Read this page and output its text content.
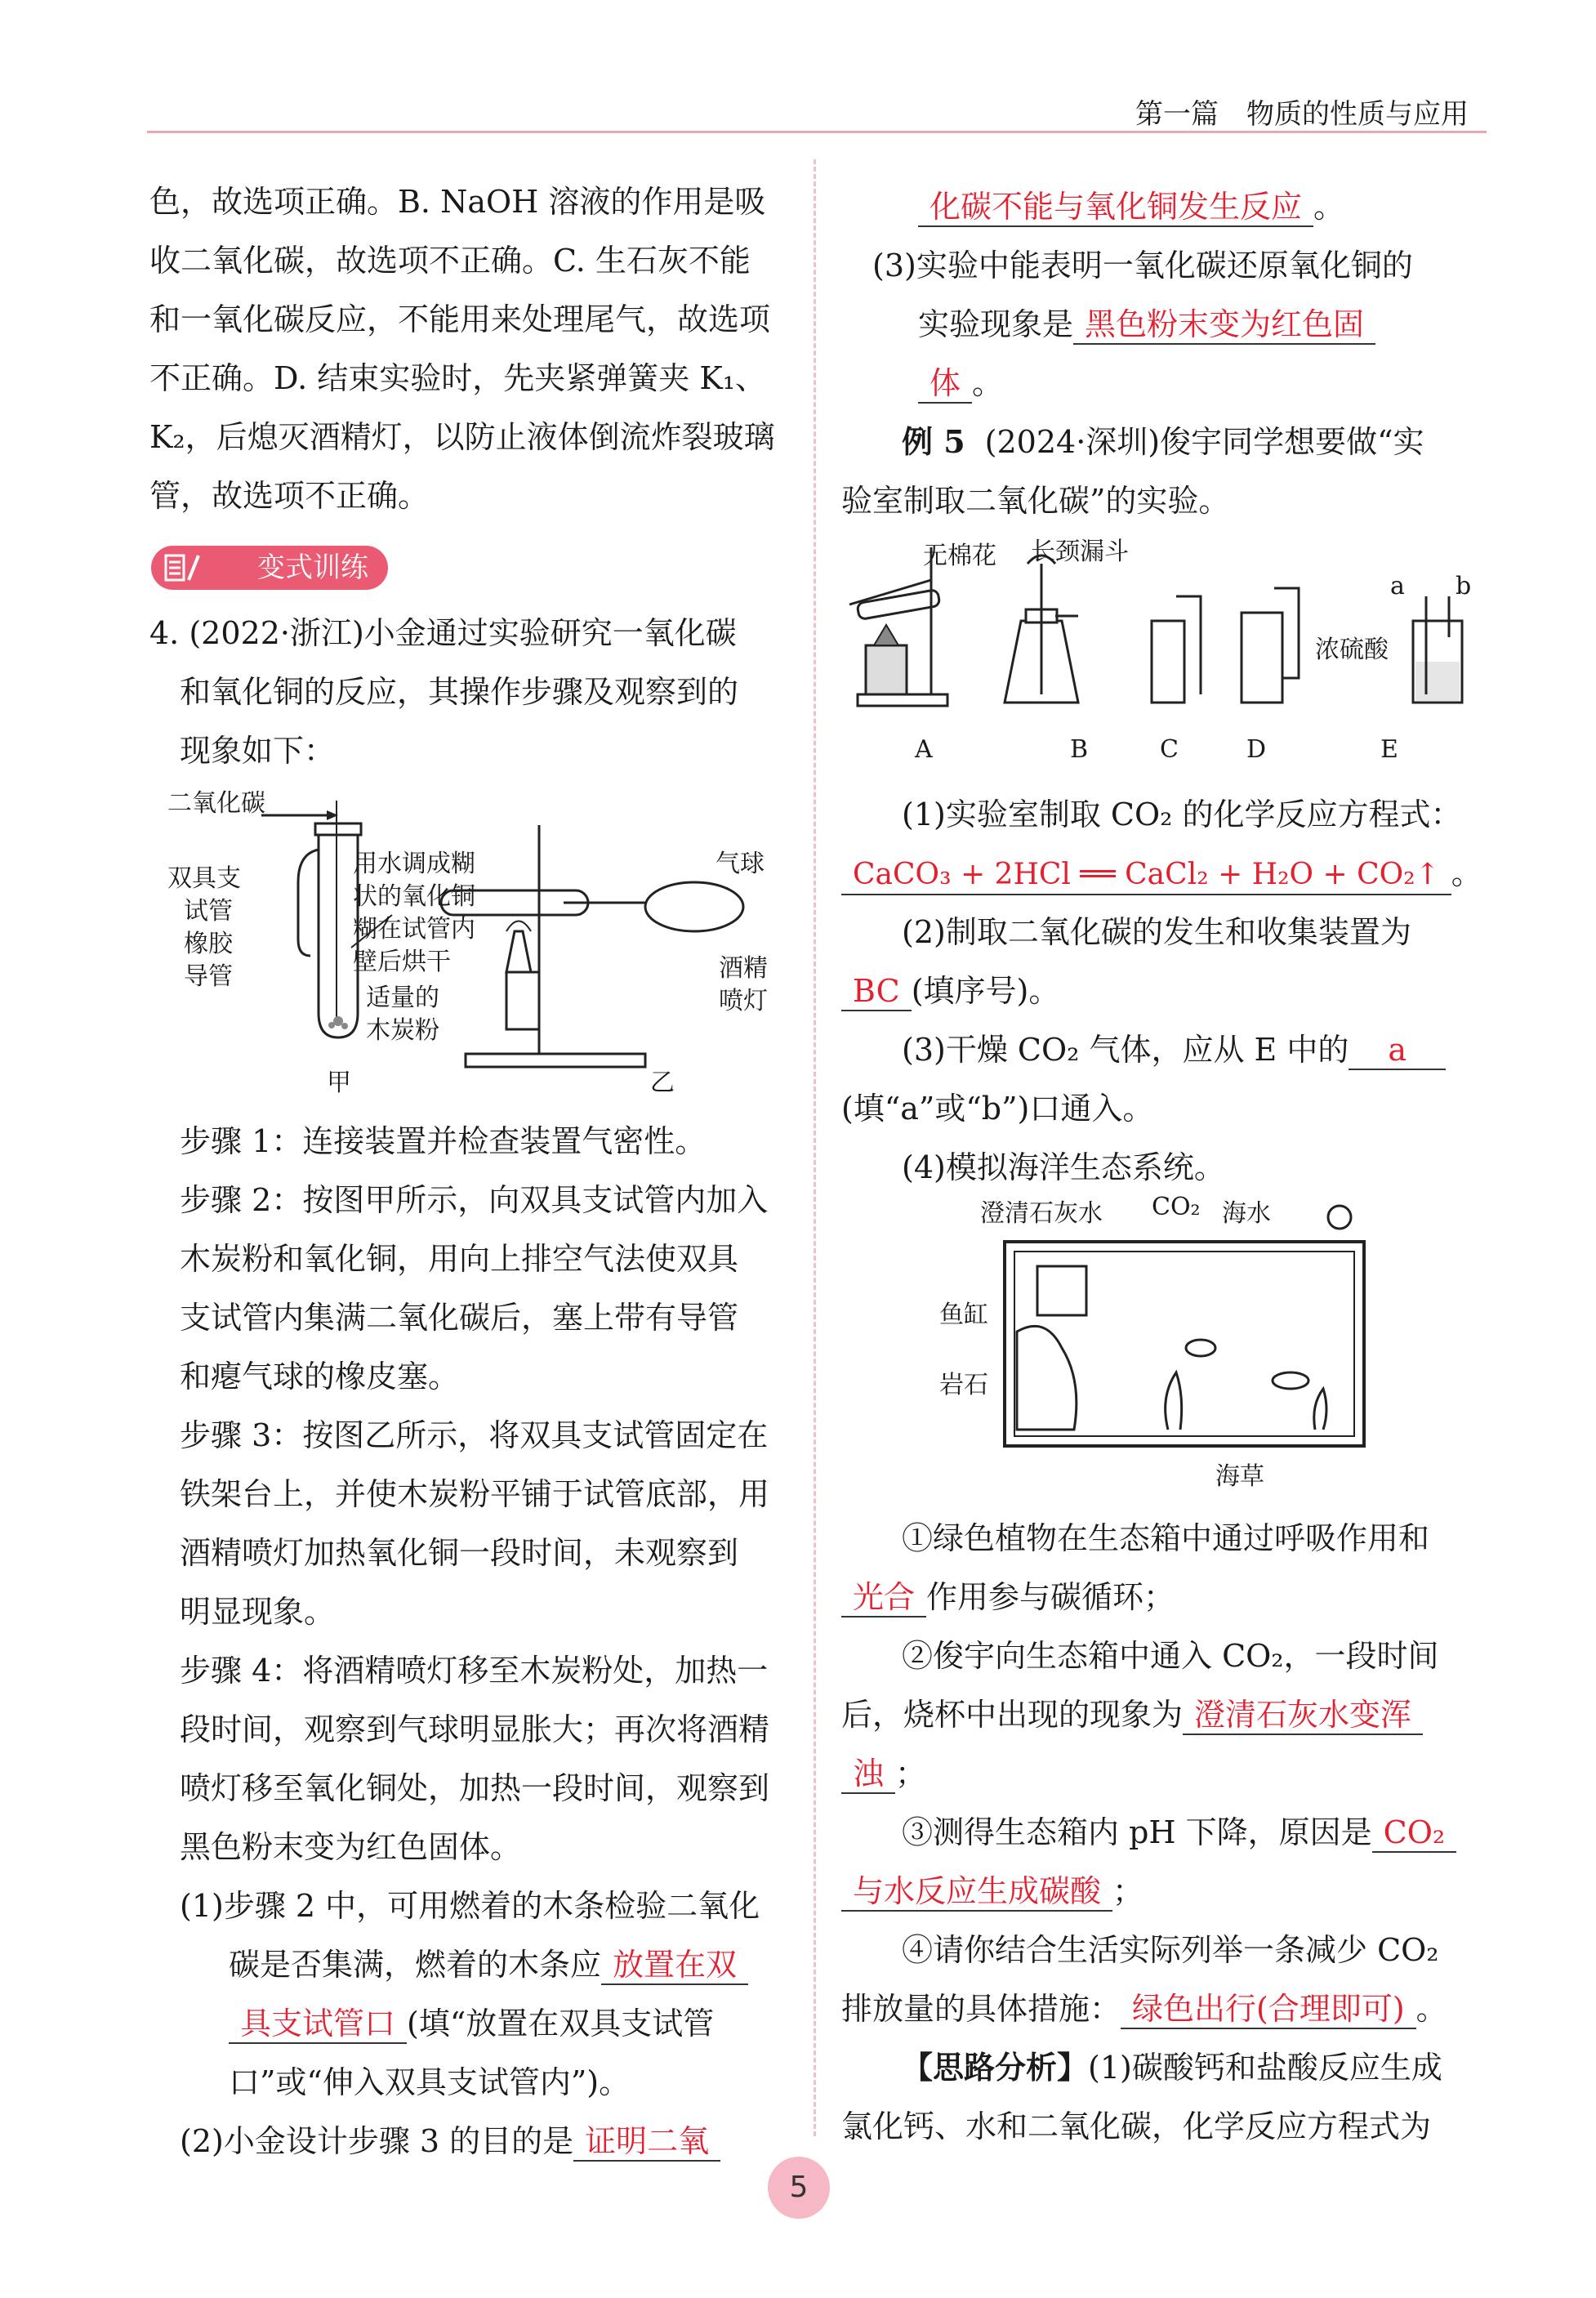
第一篇　物质的性质与应用
色，故选项正确。B. NaOH 溶液的作用是吸
收二氧化碳，故选项不正确。C. 生石灰不能
和一氧化碳反应，不能用来处理尾气，故选项
不正确。D. 结束实验时，先夹紧弹簧夹 K₁、
K₂，后熄灭酒精灯，以防止液体倒流炸裂玻璃
管，故选项不正确。
变式训练
4. (2022·浙江)小金通过实验研究一氧化碳
和氧化铜的反应，其操作步骤及观察到的
现象如下：
二氧化碳
双具支
试管
橡胶
导管
用水调成糊
状的氧化铜
糊在试管内
壁后烘干
适量的
木炭粉
气球
酒精
喷灯
甲	乙
步骤 1：连接装置并检查装置气密性。
步骤 2：按图甲所示，向双具支试管内加入
木炭粉和氧化铜，用向上排空气法使双具
支试管内集满二氧化碳后，塞上带有导管
和瘪气球的橡皮塞。
步骤 3：按图乙所示，将双具支试管固定在
铁架台上，并使木炭粉平铺于试管底部，用
酒精喷灯加热氧化铜一段时间，未观察到
明显现象。
步骤 4：将酒精喷灯移至木炭粉处，加热一
段时间，观察到气球明显胀大；再次将酒精
喷灯移至氧化铜处，加热一段时间，观察到
黑色粉末变为红色固体。
(1)步骤 2 中，可用燃着的木条检验二氧化
碳是否集满，燃着的木条应 放置在双
具支试管口 (填“放置在双具支试管
口”或“伸入双具支试管内”)。
(2)小金设计步骤 3 的目的是 证明二氧
化碳不能与氧化铜发生反应 。
(3)实验中能表明一氧化碳还原氧化铜的
实验现象是 黑色粉末变为红色固
体 。
例 5 (2024·深圳)俊宇同学想要做“实
验室制取二氧化碳”的实验。
无棉花 长颈漏斗
a b
浓硫酸
A	B	C	D	E
(1)实验室制取 CO₂ 的化学反应方程式：
CaCO₃ + 2HCl ══ CaCl₂ + H₂O + CO₂↑ 。
(2)制取二氧化碳的发生和收集装置为
BC (填序号)。
(3)干燥 CO₂ 气体，应从 E 中的 a
(填“a”或“b”)口通入。
(4)模拟海洋生态系统。
澄清石灰水 CO₂ 海水
鱼缸
岩石
海草
①绿色植物在生态箱中通过呼吸作用和
光合 作用参与碳循环；
②俊宇向生态箱中通入 CO₂，一段时间
后，烧杯中出现的现象为 澄清石灰水变浑
浊 ；
③测得生态箱内 pH 下降，原因是 CO₂
与水反应生成碳酸 ；
④请你结合生活实际列举一条减少 CO₂
排放量的具体措施： 绿色出行(合理即可) 。
【思路分析】(1)碳酸钙和盐酸反应生成
氯化钙、水和二氧化碳，化学反应方程式为
5
